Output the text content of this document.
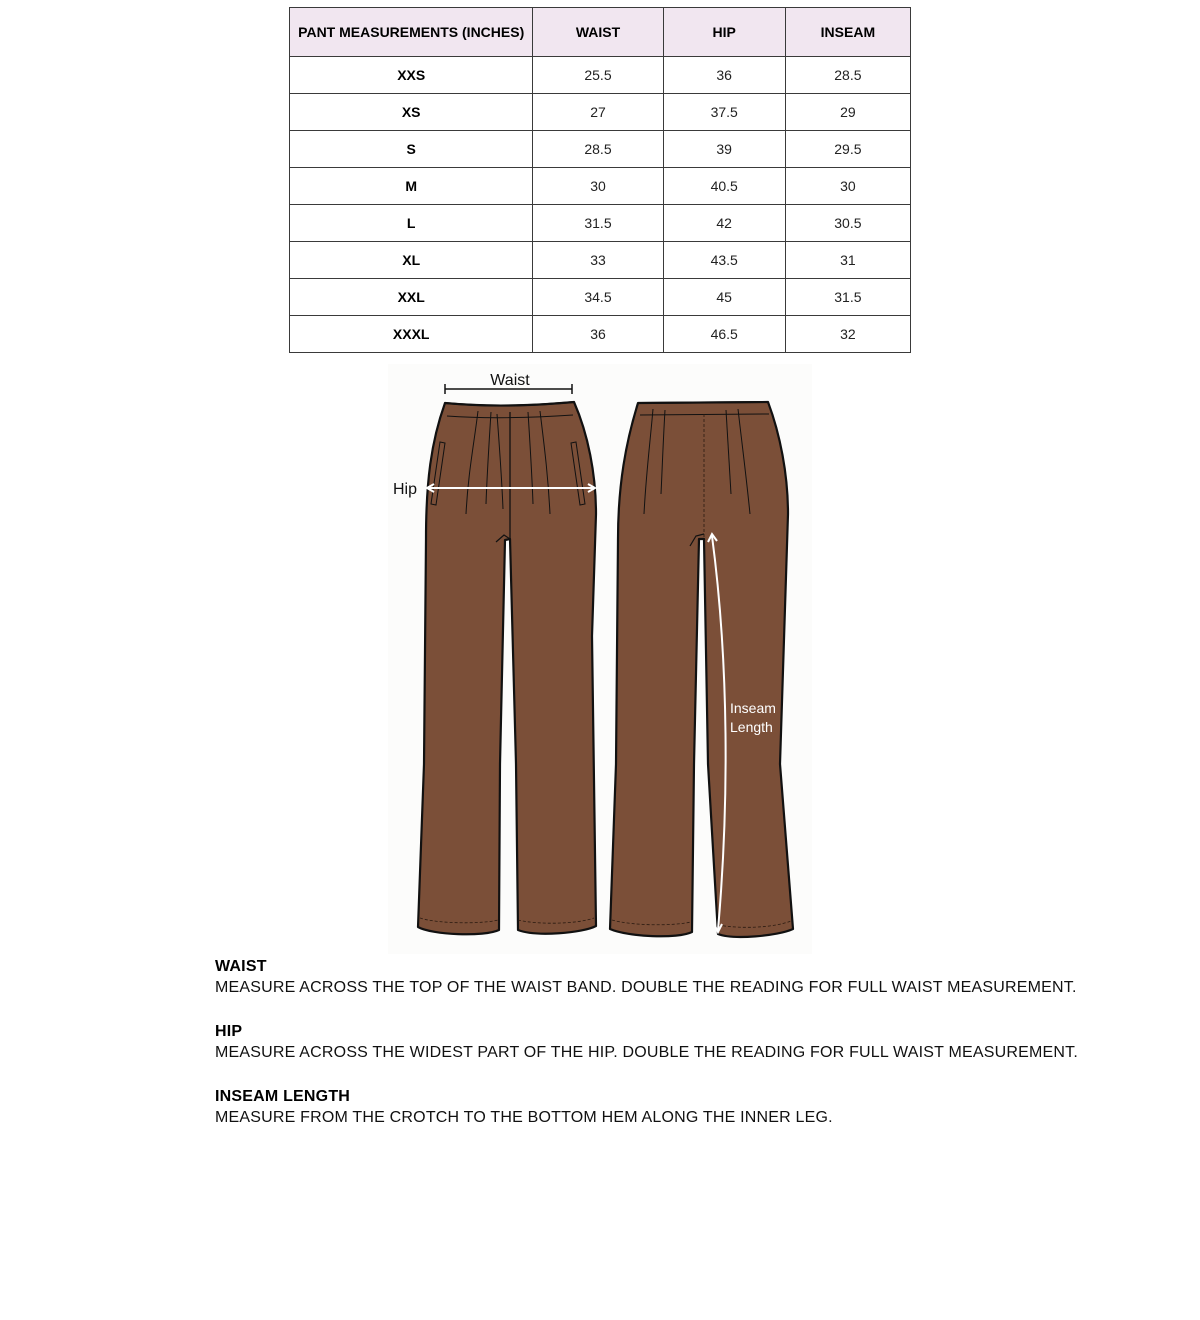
PANT MEASUREMENTS (INCHES)	WAIST	HIP	INSEAM
XXS	25.5	36	28.5
XS	27	37.5	29
S	28.5	39	29.5
M	30	40.5	30
L	31.5	42	30.5
XL	33	43.5	31
XXL	34.5	45	31.5
XXXL	36	46.5	32
Waist
Hip
Inseam
Length
WAIST
MEASURE ACROSS THE TOP OF THE WAIST BAND. DOUBLE THE READING FOR FULL WAIST MEASUREMENT.
HIP
MEASURE ACROSS THE WIDEST PART OF THE HIP. DOUBLE THE READING FOR FULL WAIST MEASUREMENT.
INSEAM LENGTH
MEASURE FROM THE CROTCH TO THE BOTTOM HEM ALONG THE INNER LEG.
